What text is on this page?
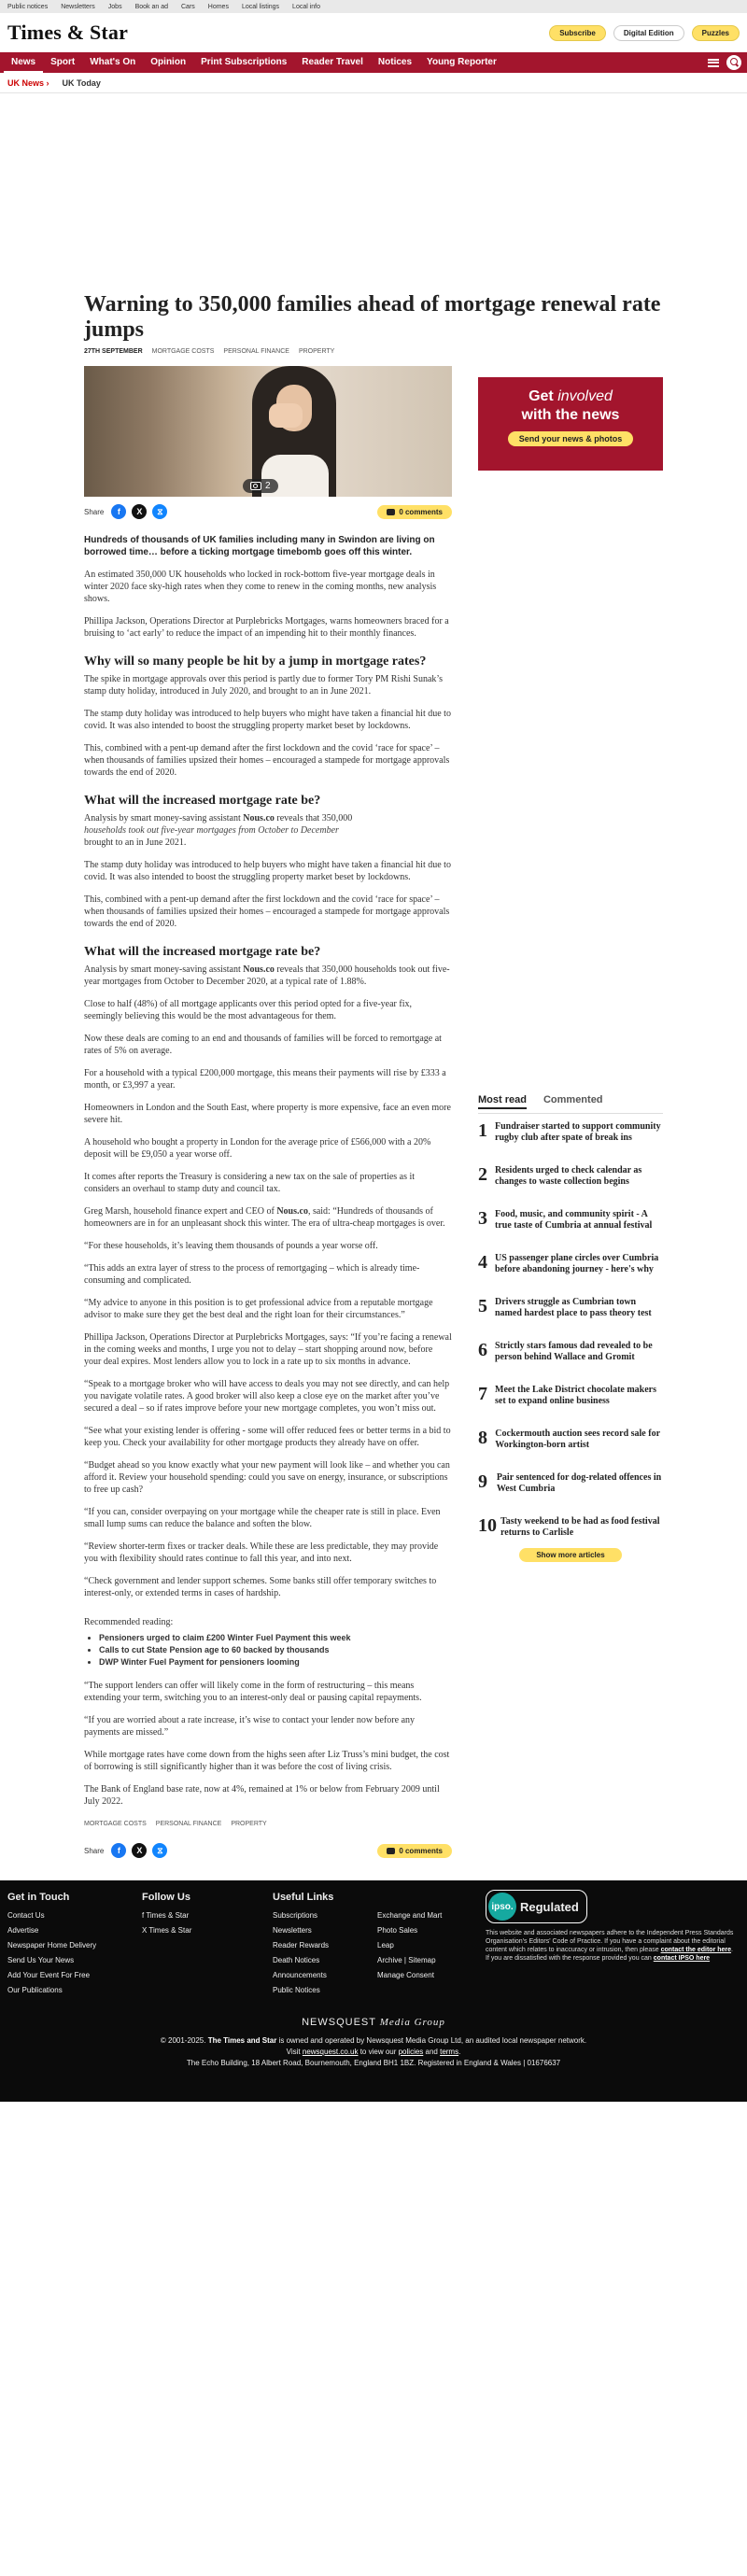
Public notices Newsletters Jobs Book an ad Cars Homes Local listings Local info
Times & Star	Subscribe	Digital Edition	Puzzles
News	Sport	What's On	Opinion	Print Subscriptions	Reader Travel	Notices	Young Reporter
UK News › UK Today
Warning to 350,000 families ahead of mortgage renewal rate jumps
27TH SEPTEMBER MORTGAGE COSTS PERSONAL FINANCE PROPERTY
2
Share	f	X	⧖	0 comments

Hundreds of thousands of UK families including many in Swindon are living on borrowed time… before a ticking mortgage timebomb goes off this winter.

An estimated 350,000 UK households who locked in rock-bottom five-year mortgage deals in winter 2020 face sky-high rates when they come to renew in the coming months, new analysis shows.

Phillipa Jackson, Operations Director at Purplebricks Mortgages, warns homeowners braced for a bruising to ‘act early’ to reduce the impact of an impending hit to their monthly finances.

Why will so many people be hit by a jump in mortgage rates?

The spike in mortgage approvals over this period is partly due to former Tory PM Rishi Sunak’s stamp duty holiday, introduced in July 2020, and brought to an in June 2021.

The stamp duty holiday was introduced to help buyers who might have taken a financial hit due to covid. It was also intended to boost the struggling property market beset by lockdowns.

This, combined with a pent-up demand after the first lockdown and the covid ‘race for space’ – when thousands of families upsized their homes – encouraged a stampede for mortgage approvals towards the end of 2020.

What will the increased mortgage rate be?

Analysis by smart money-saving assistant Nous.co reveals that 350,000

households took out five-year mortgages from October to December

brought to an in June 2021.

The stamp duty holiday was introduced to help buyers who might have taken a financial hit due to covid. It was also intended to boost the struggling property market beset by lockdowns.

This, combined with a pent-up demand after the first lockdown and the covid ‘race for space’ – when thousands of families upsized their homes – encouraged a stampede for mortgage approvals towards the end of 2020.

What will the increased mortgage rate be?

Analysis by smart money-saving assistant Nous.co reveals that 350,000 households took out five-year mortgages from October to December 2020, at a typical rate of 1.88%.

Close to half (48%) of all mortgage applicants over this period opted for a five-year fix, seemingly believing this would be the most advantageous for them.

Now these deals are coming to an end and thousands of families will be forced to remortgage at rates of 5% on average.

For a household with a typical £200,000 mortgage, this means their payments will rise by £333 a month, or £3,997 a year.

Homeowners in London and the South East, where property is more expensive, face an even more severe hit.

A household who bought a property in London for the average price of £566,000 with a 20% deposit will be £9,050 a year worse off.

It comes after reports the Treasury is considering a new tax on the sale of properties as it considers an overhaul to stamp duty and council tax.

Greg Marsh, household finance expert and CEO of Nous.co, said: “Hundreds of thousands of homeowners are in for an unpleasant shock this winter. The era of ultra-cheap mortgages is over.

“For these households, it’s leaving them thousands of pounds a year worse off.

“This adds an extra layer of stress to the process of remortgaging – which is already time-consuming and complicated.

“My advice to anyone in this position is to get professional advice from a reputable mortgage advisor to make sure they get the best deal and the right loan for their circumstances.”

Phillipa Jackson, Operations Director at Purplebricks Mortgages, says: “If you’re facing a renewal in the coming weeks and months, I urge you not to delay – start shopping around now, before your deal expires. Most lenders allow you to lock in a rate up to six months in advance.

“Speak to a mortgage broker who will have access to deals you may not see directly, and can help you navigate volatile rates. A good broker will also keep a close eye on the market after you’ve secured a deal – so if rates improve before your new mortgage completes, you won’t miss out.

“See what your existing lender is offering - some will offer reduced fees or better terms in a bid to keep you. Check your availability for other mortgage products they already have on offer.

“Budget ahead so you know exactly what your new payment will look like – and whether you can afford it. Review your household spending: could you save on energy, insurance, or subscriptions to free up cash?

“If you can, consider overpaying on your mortgage while the cheaper rate is still in place. Even small lump sums can reduce the balance and soften the blow.

“Review shorter-term fixes or tracker deals. While these are less predictable, they may provide you with flexibility should rates continue to fall this year, and into next.

“Check government and lender support schemes. Some banks still offer temporary switches to interest-only, or extended terms in cases of hardship.

Recommended reading:
• Pensioners urged to claim £200 Winter Fuel Payment this week
• Calls to cut State Pension age to 60 backed by thousands
• DWP Winter Fuel Payment for pensioners looming

“The support lenders can offer will likely come in the form of restructuring – this means extending your term, switching you to an interest-only deal or pausing capital repayments.

“If you are worried about a rate increase, it’s wise to contact your lender now before any payments are missed.”

While mortgage rates have come down from the highs seen after Liz Truss’s mini budget, the cost of borrowing is still significantly higher than it was before the cost of living crisis.

The Bank of England base rate, now at 4%, remained at 1% or below from February 2009 until July 2022.

MORTGAGE COSTS PERSONAL FINANCE PROPERTY
Share	f	X	⧖	0 comments
Get involved
with the news
Send your news & photos
Most read Commented
1 Fundraiser started to support community rugby club after spate of break ins
2 Residents urged to check calendar as changes to waste collection begins
3 Food, music, and community spirit - A true taste of Cumbria at annual festival
4 US passenger plane circles over Cumbria before abandoning journey - here's why
5 Drivers struggle as Cumbrian town named hardest place to pass theory test
6 Strictly stars famous dad revealed to be person behind Wallace and Gromit
7 Meet the Lake District chocolate makers set to expand online business
8 Cockermouth auction sees record sale for Workington-born artist
9 Pair sentenced for dog-related offences in West Cumbria
10 Tasty weekend to be had as food festival returns to Carlisle
Show more articles
Get in Touch
Contact Us
Advertise
Newspaper Home Delivery
Send Us Your News
Add Your Event For Free
Our Publications
Follow Us
f Times & Star
X Times & Star
Useful Links
Subscriptions
Newsletters
Reader Rewards
Death Notices
Announcements
Public Notices
Exchange and Mart
Photo Sales
Leap
Archive | Sitemap
Manage Consent
ipso. Regulated

This website and associated newspapers adhere to the Independent Press Standards Organisation's Editors' Code of Practice. If you have a complaint about the editorial content which relates to inaccuracy or intrusion, then please contact the editor here. If you are dissatisfied with the response provided you can contact IPSO here

NEWSQUEST Media Group
© 2001-2025. The Times and Star is owned and operated by Newsquest Media Group Ltd, an audited local newspaper network.
Visit newsquest.co.uk to view our policies and terms.
The Echo Building, 18 Albert Road, Bournemouth, England BH1 1BZ. Registered in England & Wales | 01676637
